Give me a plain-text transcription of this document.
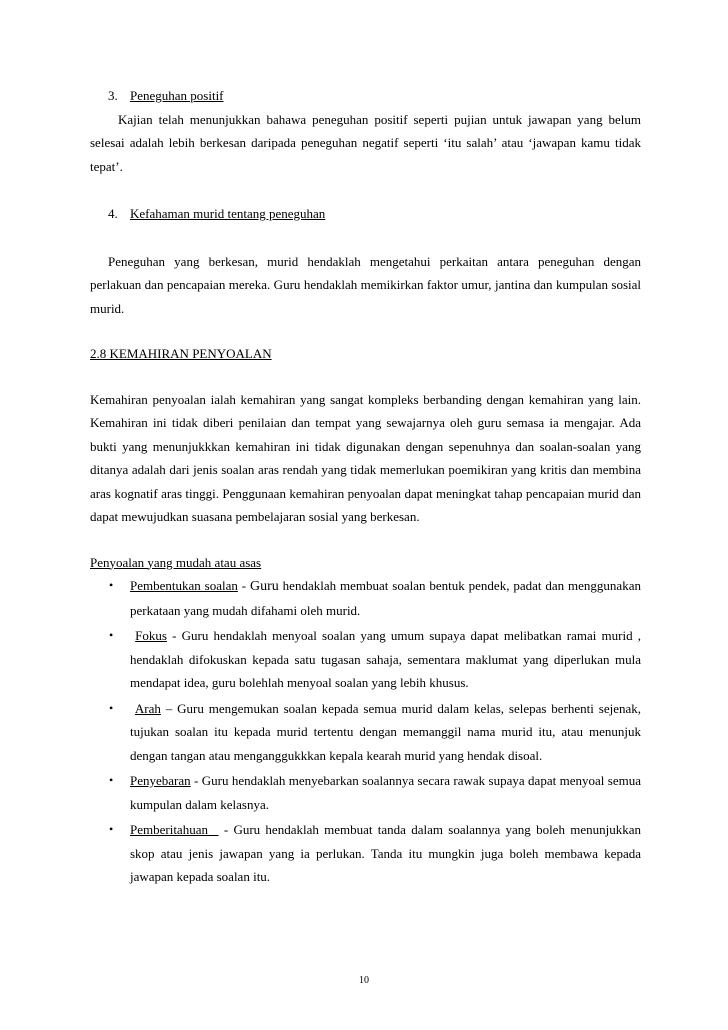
3. Peneguhan positif

Kajian telah menunjukkan bahawa peneguhan positif seperti pujian untuk jawapan yang belum selesai adalah lebih berkesan daripada peneguhan negatif seperti ‘itu salah’ atau ‘jawapan kamu tidak tepat’.

4. Kefahaman murid tentang peneguhan

Peneguhan yang berkesan, murid hendaklah mengetahui perkaitan antara peneguhan dengan perlakuan dan pencapaian mereka. Guru hendaklah memikirkan faktor umur, jantina dan kumpulan sosial murid.

2.8 KEMAHIRAN PENYOALAN

Kemahiran penyoalan ialah kemahiran yang sangat kompleks berbanding dengan kemahiran yang lain. Kemahiran ini tidak diberi penilaian dan tempat yang sewajarnya oleh guru semasa ia mengajar. Ada bukti yang menunjukkkan kemahiran ini tidak digunakan dengan sepenuhnya dan soalan-soalan yang ditanya adalah dari jenis soalan aras rendah yang tidak memerlukan poemikiran yang kritis dan membina aras kognatif aras tinggi. Penggunaan kemahiran penyoalan dapat meningkat tahap pencapaian murid dan dapat mewujudkan suasana pembelajaran sosial yang berkesan.

Penyoalan yang mudah atau asas
• Pembentukan soalan - Guru hendaklah membuat soalan bentuk pendek, padat dan menggunakan perkataan yang mudah difahami oleh murid.
• Fokus - Guru hendaklah menyoal soalan yang umum supaya dapat melibatkan ramai murid , hendaklah difokuskan kepada satu tugasan sahaja, sementara maklumat yang diperlukan mula mendapat idea, guru bolehlah menyoal soalan yang lebih khusus.
• Arah – Guru mengemukan soalan kepada semua murid dalam kelas, selepas berhenti sejenak, tujukan soalan itu kepada murid tertentu dengan memanggil nama murid itu, atau menunjuk dengan tangan atau menganggukkkan kepala kearah murid yang hendak disoal.
• Penyebaran - Guru hendaklah menyebarkan soalannya secara rawak supaya dapat menyoal semua kumpulan dalam kelasnya.
• Pemberitahuan   - Guru hendaklah membuat tanda dalam soalannya yang boleh menunjukkan skop atau jenis jawapan yang ia perlukan. Tanda itu mungkin juga boleh membawa kepada jawapan kepada soalan itu.
10
